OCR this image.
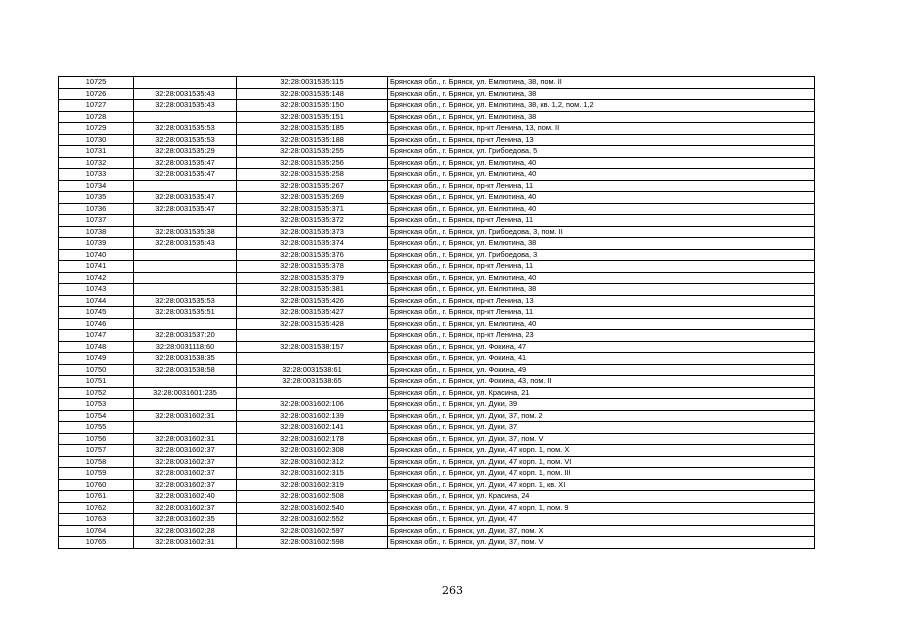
10725		32:28:0031535:115	Брянская обл., г. Брянск, ул. Емлютина, 38, пом. II
10726	32:28:0031535:43	32:28:0031535:148	Брянская обл., г. Брянск, ул. Емлютина, 38
10727	32:28:0031535:43	32:28:0031535:150	Брянская обл., г. Брянск, ул. Емлютина, 38, кв. 1,2, пом. 1,2
10728		32:28:0031535:151	Брянская обл., г. Брянск, ул. Емлютина, 38
10729	32:28:0031535:53	32:28:0031535:185	Брянская обл., г. Брянск, пр-кт Ленина, 13, пом. II
10730	32:28:0031535:53	32:28:0031535:188	Брянская обл., г. Брянск, пр-кт Ленина, 13
10731	32:28:0031535:29	32:28:0031535:255	Брянская обл., г. Брянск, ул. Грибоедова, 5
10732	32:28:0031535:47	32:28:0031535:256	Брянская обл., г. Брянск, ул. Емлютина, 40
10733	32:28:0031535:47	32:28:0031535:258	Брянская обл., г. Брянск, ул. Емлютина, 40
10734		32:28:0031535:267	Брянская обл., г. Брянск, пр-кт Ленина, 11
10735	32:28:0031535:47	32:28:0031535:269	Брянская обл., г. Брянск, ул. Емлютина, 40
10736	32:28:0031535:47	32:28:0031535:371	Брянская обл., г. Брянск, ул. Емлютина, 40
10737		32:28:0031535:372	Брянская обл., г. Брянск, пр-кт Ленина, 11
10738	32:28:0031535:38	32:28:0031535:373	Брянская обл., г. Брянск, ул. Грибоедова, 3, пом. II
10739	32:28:0031535:43	32:28:0031535:374	Брянская обл., г. Брянск, ул. Емлютина, 38
10740		32:28:0031535:376	Брянская обл., г. Брянск, ул. Грибоедова, 3
10741		32:28:0031535:378	Брянская обл., г. Брянск, пр-кт Ленина, 11
10742		32:28:0031535:379	Брянская обл., г. Брянск, ул. Емлютина, 40
10743		32:28:0031535:381	Брянская обл., г. Брянск, ул. Емлютина, 38
10744	32:28:0031535:53	32:28:0031535:426	Брянская обл., г. Брянск, пр-кт Ленина, 13
10745	32:28:0031535:51	32:28:0031535:427	Брянская обл., г. Брянск, пр-кт Ленина, 11
10746		32:28:0031535:428	Брянская обл., г. Брянск, ул. Емлютина, 40
10747	32:28:0031537:20		Брянская обл., г. Брянск, пр-кт Ленина, 23
10748	32:28:0031118:60	32:28:0031538:157	Брянская обл., г. Брянск, ул. Фокина, 47
10749	32:28:0031538:35		Брянская обл., г. Брянск, ул. Фокина, 41
10750	32:28:0031538:58	32:28:0031538:61	Брянская обл., г. Брянск, ул. Фокина, 49
10751		32:28:0031538:65	Брянская обл., г. Брянск, ул. Фокина, 43, пом. II
10752	32:28:0031601:235		Брянская обл., г. Брянск, ул. Красина, 21
10753		32:28:0031602:106	Брянская обл., г. Брянск, ул. Дуки, 39
10754	32:28:0031602:31	32:28:0031602:139	Брянская обл., г. Брянск, ул. Дуки, 37, пом. 2
10755		32:28:0031602:141	Брянская обл., г. Брянск, ул. Дуки, 37
10756	32:28:0031602:31	32:28:0031602:178	Брянская обл., г. Брянск, ул. Дуки, 37, пом. V
10757	32:28:0031602:37	32:28:0031602:308	Брянская обл., г. Брянск, ул. Дуки, 47 корп. 1, пом. X
10758	32:28:0031602:37	32:28:0031602:312	Брянская обл., г. Брянск, ул. Дуки, 47 корп. 1, пом. VI
10759	32:28:0031602:37	32:28:0031602:315	Брянская обл., г. Брянск, ул. Дуки, 47 корп. 1, пом. III
10760	32:28:0031602:37	32:28:0031602:319	Брянская обл., г. Брянск, ул. Дуки, 47 корп. 1, кв. XI
10761	32:28:0031602:40	32:28:0031602:508	Брянская обл., г. Брянск, ул. Красина, 24
10762	32:28:0031602:37	32:28:0031602:540	Брянская обл., г. Брянск, ул. Дуки, 47 корп. 1, пом. 9
10763	32:28:0031602:35	32:28:0031602:552	Брянская обл., г. Брянск, ул. Дуки, 47
10764	32:28:0031602:28	32:28:0031602:597	Брянская обл., г. Брянск, ул. Дуки, 37, пом. X
10765	32:28:0031602:31	32:28:0031602:598	Брянская обл., г. Брянск, ул. Дуки, 37, пом. V
263
